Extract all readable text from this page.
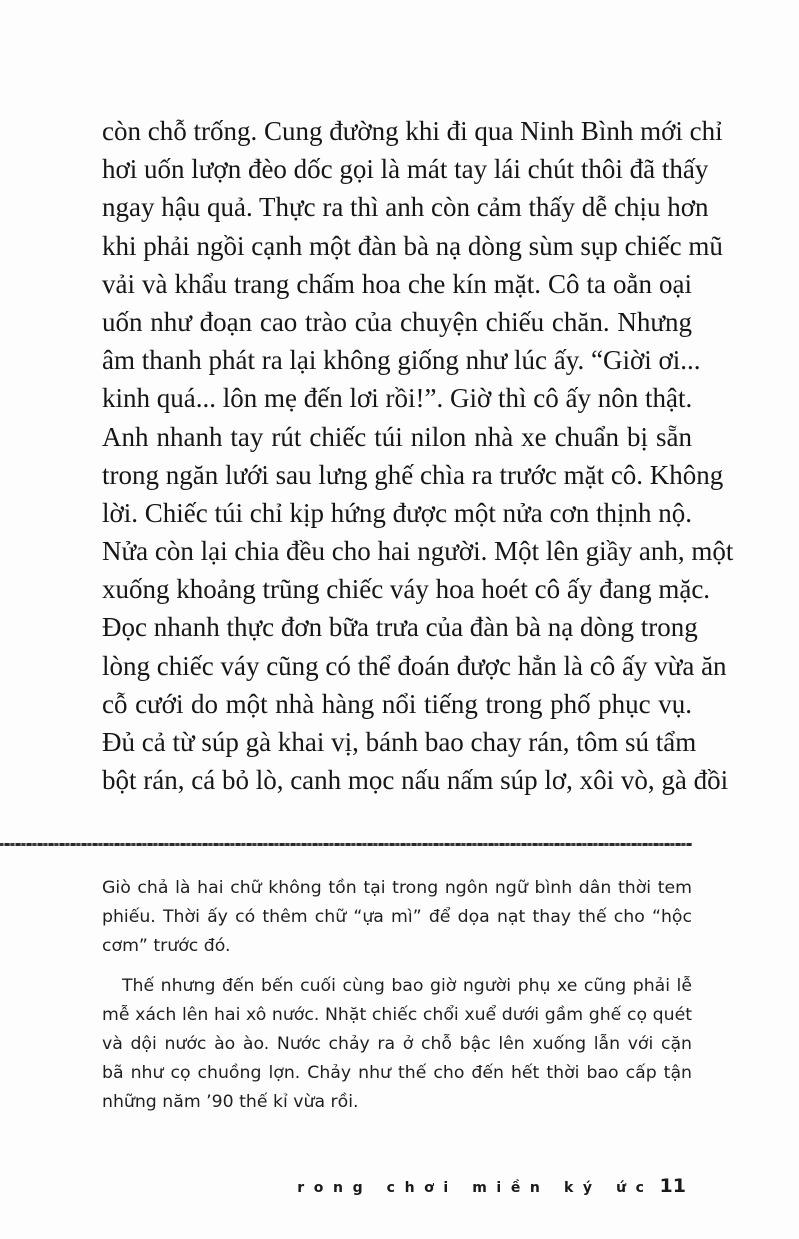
còn chỗ trống. Cung đường khi đi qua Ninh Bình mới chỉ
hơi uốn lượn đèo dốc gọi là mát tay lái chút thôi đã thấy
ngay hậu quả. Thực ra thì anh còn cảm thấy dễ chịu hơn
khi phải ngồi cạnh một đàn bà nạ dòng sùm sụp chiếc mũ
vải và khẩu trang chấm hoa che kín mặt. Cô ta oằn oại
uốn như đoạn cao trào của chuyện chiếu chăn. Nhưng
âm thanh phát ra lại không giống như lúc ấy. “Giời ơi...
kinh quá... lôn mẹ đến lơi rồi!”. Giờ thì cô ấy nôn thật.
Anh nhanh tay rút chiếc túi nilon nhà xe chuẩn bị sẵn
trong ngăn lưới sau lưng ghế chìa ra trước mặt cô. Không
lời. Chiếc túi chỉ kịp hứng được một nửa cơn thịnh nộ.
Nửa còn lại chia đều cho hai người. Một lên giầy anh, một
xuống khoảng trũng chiếc váy hoa hoét cô ấy đang mặc.
Đọc nhanh thực đơn bữa trưa của đàn bà nạ dòng trong
lòng chiếc váy cũng có thể đoán được hẳn là cô ấy vừa ăn
cỗ cưới do một nhà hàng nổi tiếng trong phố phục vụ.
Đủ cả từ súp gà khai vị, bánh bao chay rán, tôm sú tẩm
bột rán, cá bỏ lò, canh mọc nấu nấm súp lơ, xôi vò, gà đồi
Giò chả là hai chữ không tồn tại trong ngôn ngữ bình dân thời tem
phiếu. Thời ấy có thêm chữ “ựa mì” để dọa nạt thay thế cho “hộc
cơm” trước đó.
Thế nhưng đến bến cuối cùng bao giờ người phụ xe cũng phải lễ
mễ xách lên hai xô nước. Nhặt chiếc chổi xuể dưới gầm ghế cọ quét
và dội nước ào ào. Nước chảy ra ở chỗ bậc lên xuống lẫn với cặn
bã như cọ chuồng lợn. Chảy như thế cho đến hết thời bao cấp tận
những năm ’90 thế kỉ vừa rồi.
rong chơi miền ký ức 11
